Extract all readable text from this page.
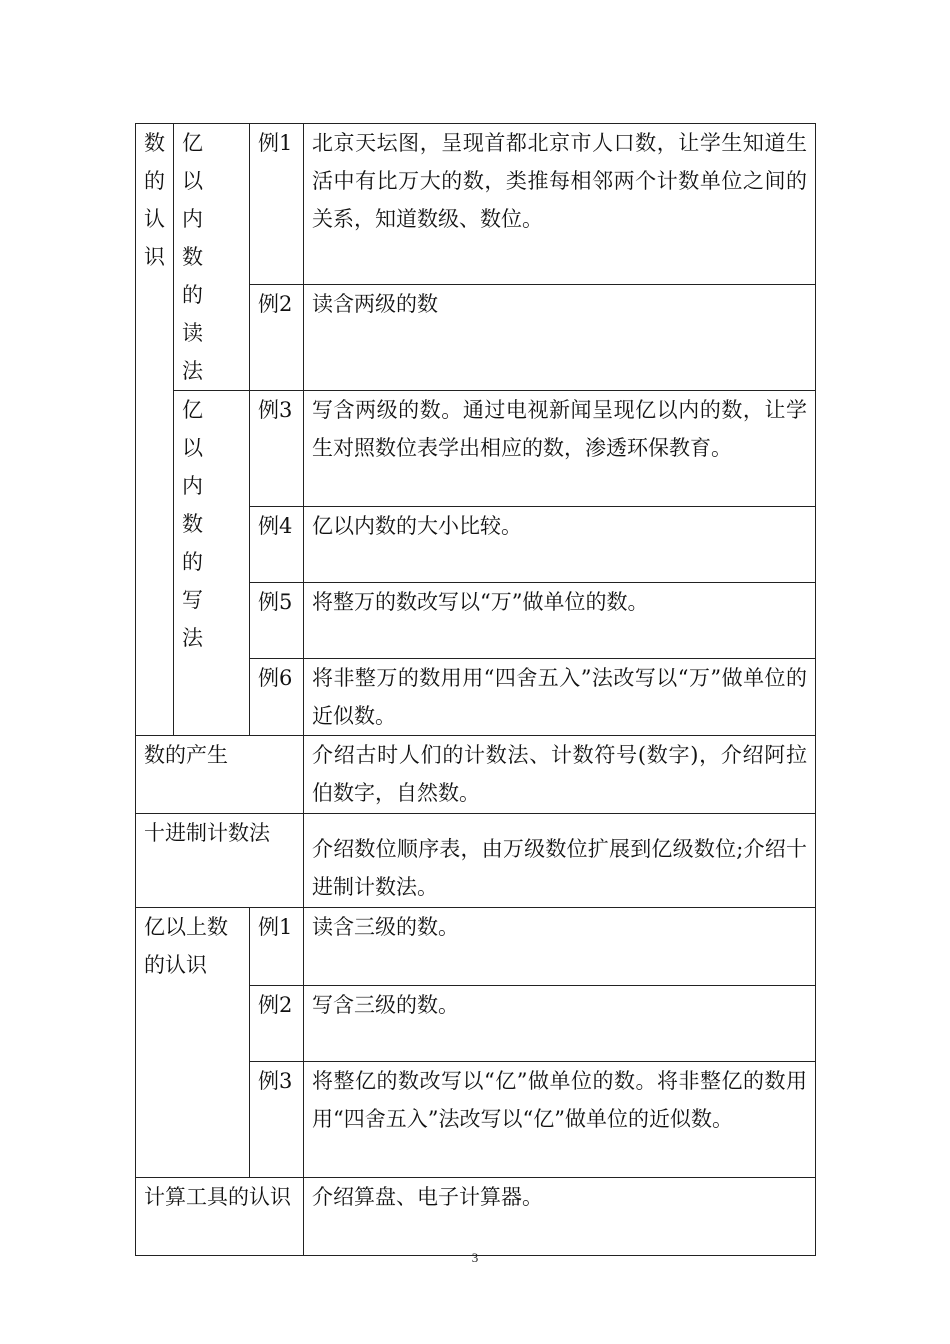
数的认识	亿以内数的读法	例1	北京天坛图，呈现首都北京市人口数，让学生知道生活中有比万大的数，类推每相邻两个计数单位之间的关系，知道数级、数位。
		例2	读含两级的数
	亿以内数的写法	例3	写含两级的数。通过电视新闻呈现亿以内的数，让学生对照数位表学出相应的数，渗透环保教育。
		例4	亿以内数的大小比较。
		例5	将整万的数改写以“万”做单位的数。
		例6	将非整万的数用用“四舍五入”法改写以“万”做单位的近似数。
数的产生			介绍古时人们的计数法、计数符号(数字)，介绍阿拉伯数字，自然数。
十进制计数法			介绍数位顺序表，由万级数位扩展到亿级数位;介绍十进制计数法。
亿以上数的认识		例1	读含三级的数。
		例2	写含三级的数。
		例3	将整亿的数改写以“亿”做单位的数。将非整亿的数用用“四舍五入”法改写以“亿”做单位的近似数。
计算工具的认识			介绍算盘、电子计算器。
3
